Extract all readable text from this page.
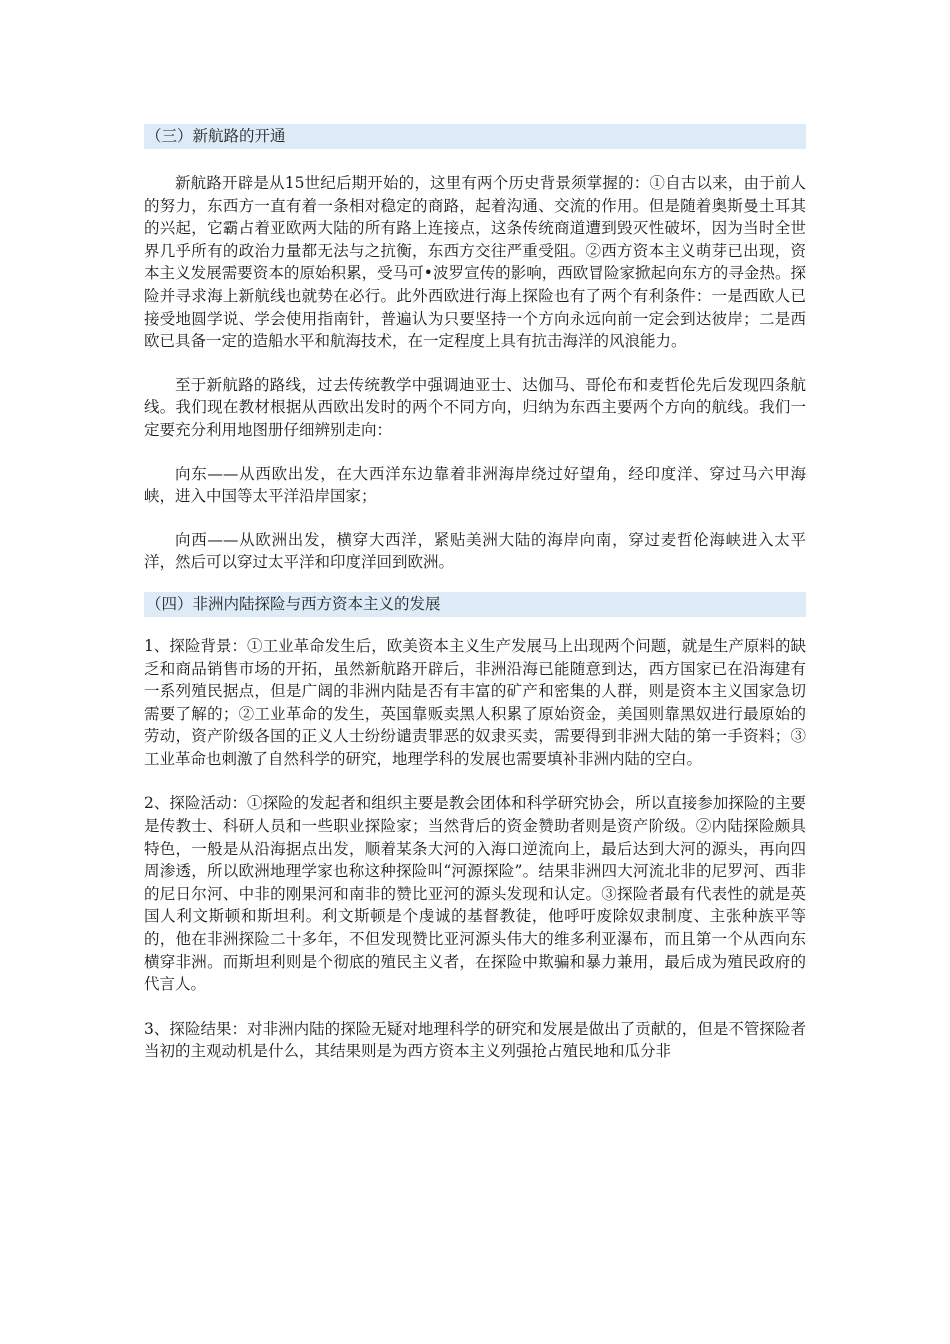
（三）新航路的开通

新航路开辟是从15世纪后期开始的，这里有两个历史背景须掌握的：①自古以来，由于前人的努力，东西方一直有着一条相对稳定的商路，起着沟通、交流的作用。但是随着奥斯曼土耳其的兴起，它霸占着亚欧两大陆的所有路上连接点，这条传统商道遭到毁灭性破坏，因为当时全世界几乎所有的政治力量都无法与之抗衡，东西方交往严重受阻。②西方资本主义萌芽已出现，资本主义发展需要资本的原始积累，受马可•波罗宣传的影响，西欧冒险家掀起向东方的寻金热。探险并寻求海上新航线也就势在必行。此外西欧进行海上探险也有了两个有利条件：一是西欧人已接受地圆学说、学会使用指南针，普遍认为只要坚持一个方向永远向前一定会到达彼岸；二是西欧已具备一定的造船水平和航海技术，在一定程度上具有抗击海洋的风浪能力。

至于新航路的路线，过去传统教学中强调迪亚士、达伽马、哥伦布和麦哲伦先后发现四条航线。我们现在教材根据从西欧出发时的两个不同方向，归纳为东西主要两个方向的航线。我们一定要充分利用地图册仔细辨别走向：

向东——从西欧出发，在大西洋东边靠着非洲海岸绕过好望角，经印度洋、穿过马六甲海峡，进入中国等太平洋沿岸国家；

向西——从欧洲出发，横穿大西洋，紧贴美洲大陆的海岸向南，穿过麦哲伦海峡进入太平洋，然后可以穿过太平洋和印度洋回到欧洲。

（四）非洲内陆探险与西方资本主义的发展

1、探险背景：①工业革命发生后，欧美资本主义生产发展马上出现两个问题，就是生产原料的缺乏和商品销售市场的开拓，虽然新航路开辟后，非洲沿海已能随意到达，西方国家已在沿海建有一系列殖民据点，但是广阔的非洲内陆是否有丰富的矿产和密集的人群，则是资本主义国家急切需要了解的；②工业革命的发生，英国靠贩卖黑人积累了原始资金，美国则靠黑奴进行最原始的劳动，资产阶级各国的正义人士纷纷谴责罪恶的奴隶买卖，需要得到非洲大陆的第一手资料；③工业革命也刺激了自然科学的研究，地理学科的发展也需要填补非洲内陆的空白。

2、探险活动：①探险的发起者和组织主要是教会团体和科学研究协会，所以直接参加探险的主要是传教士、科研人员和一些职业探险家；当然背后的资金赞助者则是资产阶级。②内陆探险颇具特色，一般是从沿海据点出发，顺着某条大河的入海口逆流向上，最后达到大河的源头，再向四周渗透，所以欧洲地理学家也称这种探险叫“河源探险”。结果非洲四大河流北非的尼罗河、西非的尼日尔河、中非的刚果河和南非的赞比亚河的源头发现和认定。③探险者最有代表性的就是英国人利文斯顿和斯坦利。利文斯顿是个虔诚的基督教徒，他呼吁废除奴隶制度、主张种族平等的，他在非洲探险二十多年，不但发现赞比亚河源头伟大的维多利亚瀑布，而且第一个从西向东横穿非洲。而斯坦利则是个彻底的殖民主义者，在探险中欺骗和暴力兼用，最后成为殖民政府的代言人。

3、探险结果：对非洲内陆的探险无疑对地理科学的研究和发展是做出了贡献的，但是不管探险者当初的主观动机是什么，其结果则是为西方资本主义列强抢占殖民地和瓜分非
